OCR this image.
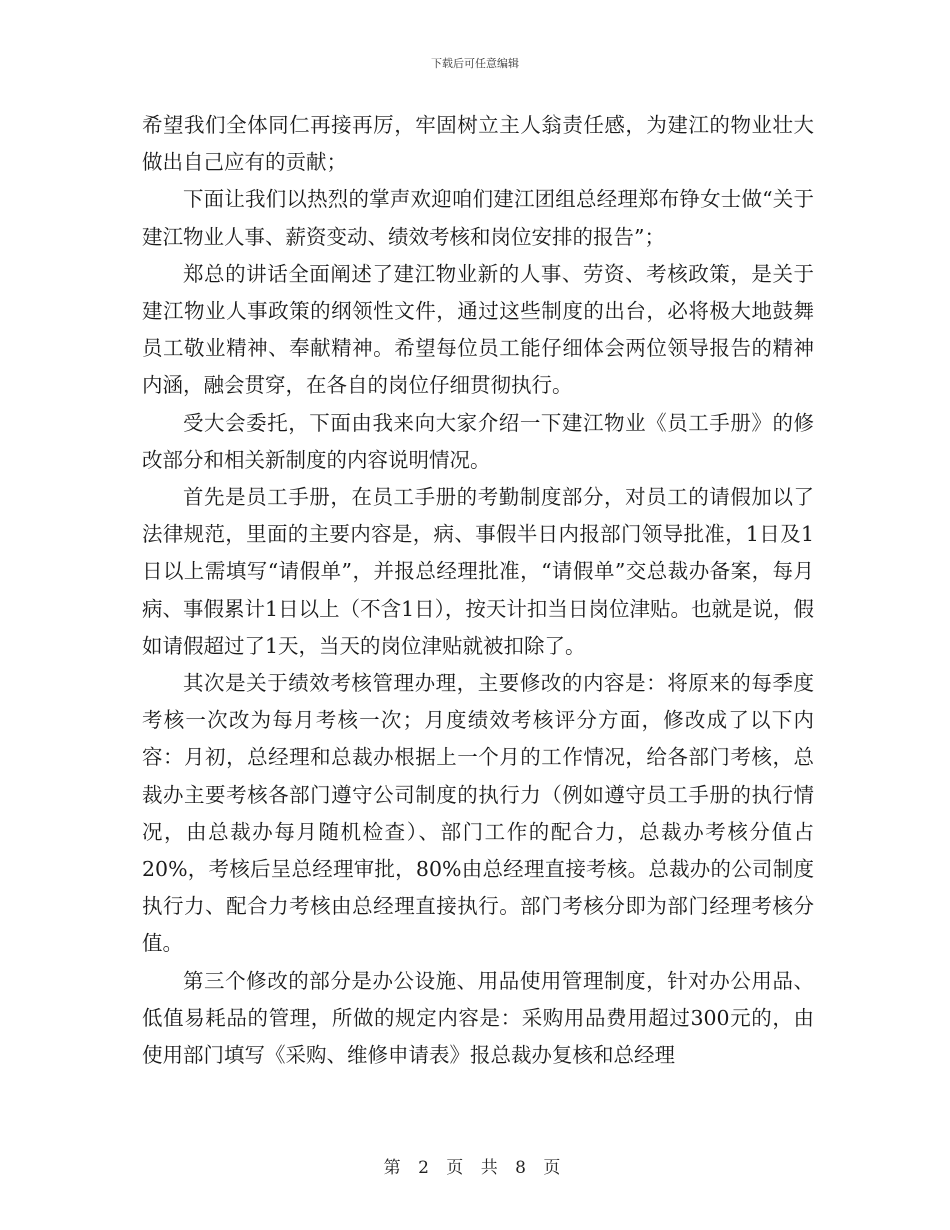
下载后可任意编辑

希望我们全体同仁再接再厉，牢固树立主人翁责任感，为建江的物业壮大做出自己应有的贡献；

下面让我们以热烈的掌声欢迎咱们建江团组总经理郑布铮女士做“关于建江物业人事、薪资变动、绩效考核和岗位安排的报告”；

郑总的讲话全面阐述了建江物业新的人事、劳资、考核政策，是关于建江物业人事政策的纲领性文件，通过这些制度的出台，必将极大地鼓舞员工敬业精神、奉献精神。希望每位员工能仔细体会两位领导报告的精神内涵，融会贯穿，在各自的岗位仔细贯彻执行。

受大会委托，下面由我来向大家介绍一下建江物业《员工手册》的修改部分和相关新制度的内容说明情况。

首先是员工手册，在员工手册的考勤制度部分，对员工的请假加以了法律规范，里面的主要内容是，病、事假半日内报部门领导批准，1日及1日以上需填写“请假单”，并报总经理批准，“请假单”交总裁办备案，每月病、事假累计1日以上（不含1日），按天计扣当日岗位津贴。也就是说，假如请假超过了1天，当天的岗位津贴就被扣除了。

其次是关于绩效考核管理办理，主要修改的内容是：将原来的每季度考核一次改为每月考核一次；月度绩效考核评分方面，修改成了以下内容：月初，总经理和总裁办根据上一个月的工作情况，给各部门考核，总裁办主要考核各部门遵守公司制度的执行力（例如遵守员工手册的执行情况，由总裁办每月随机检查）、部门工作的配合力，总裁办考核分值占20%，考核后呈总经理审批，80%由总经理直接考核。总裁办的公司制度执行力、配合力考核由总经理直接执行。部门考核分即为部门经理考核分值。

第三个修改的部分是办公设施、用品使用管理制度，针对办公用品、低值易耗品的管理，所做的规定内容是：采购用品费用超过300元的，由使用部门填写《采购、维修申请表》报总裁办复核和总经理

第 2 页 共 8 页
